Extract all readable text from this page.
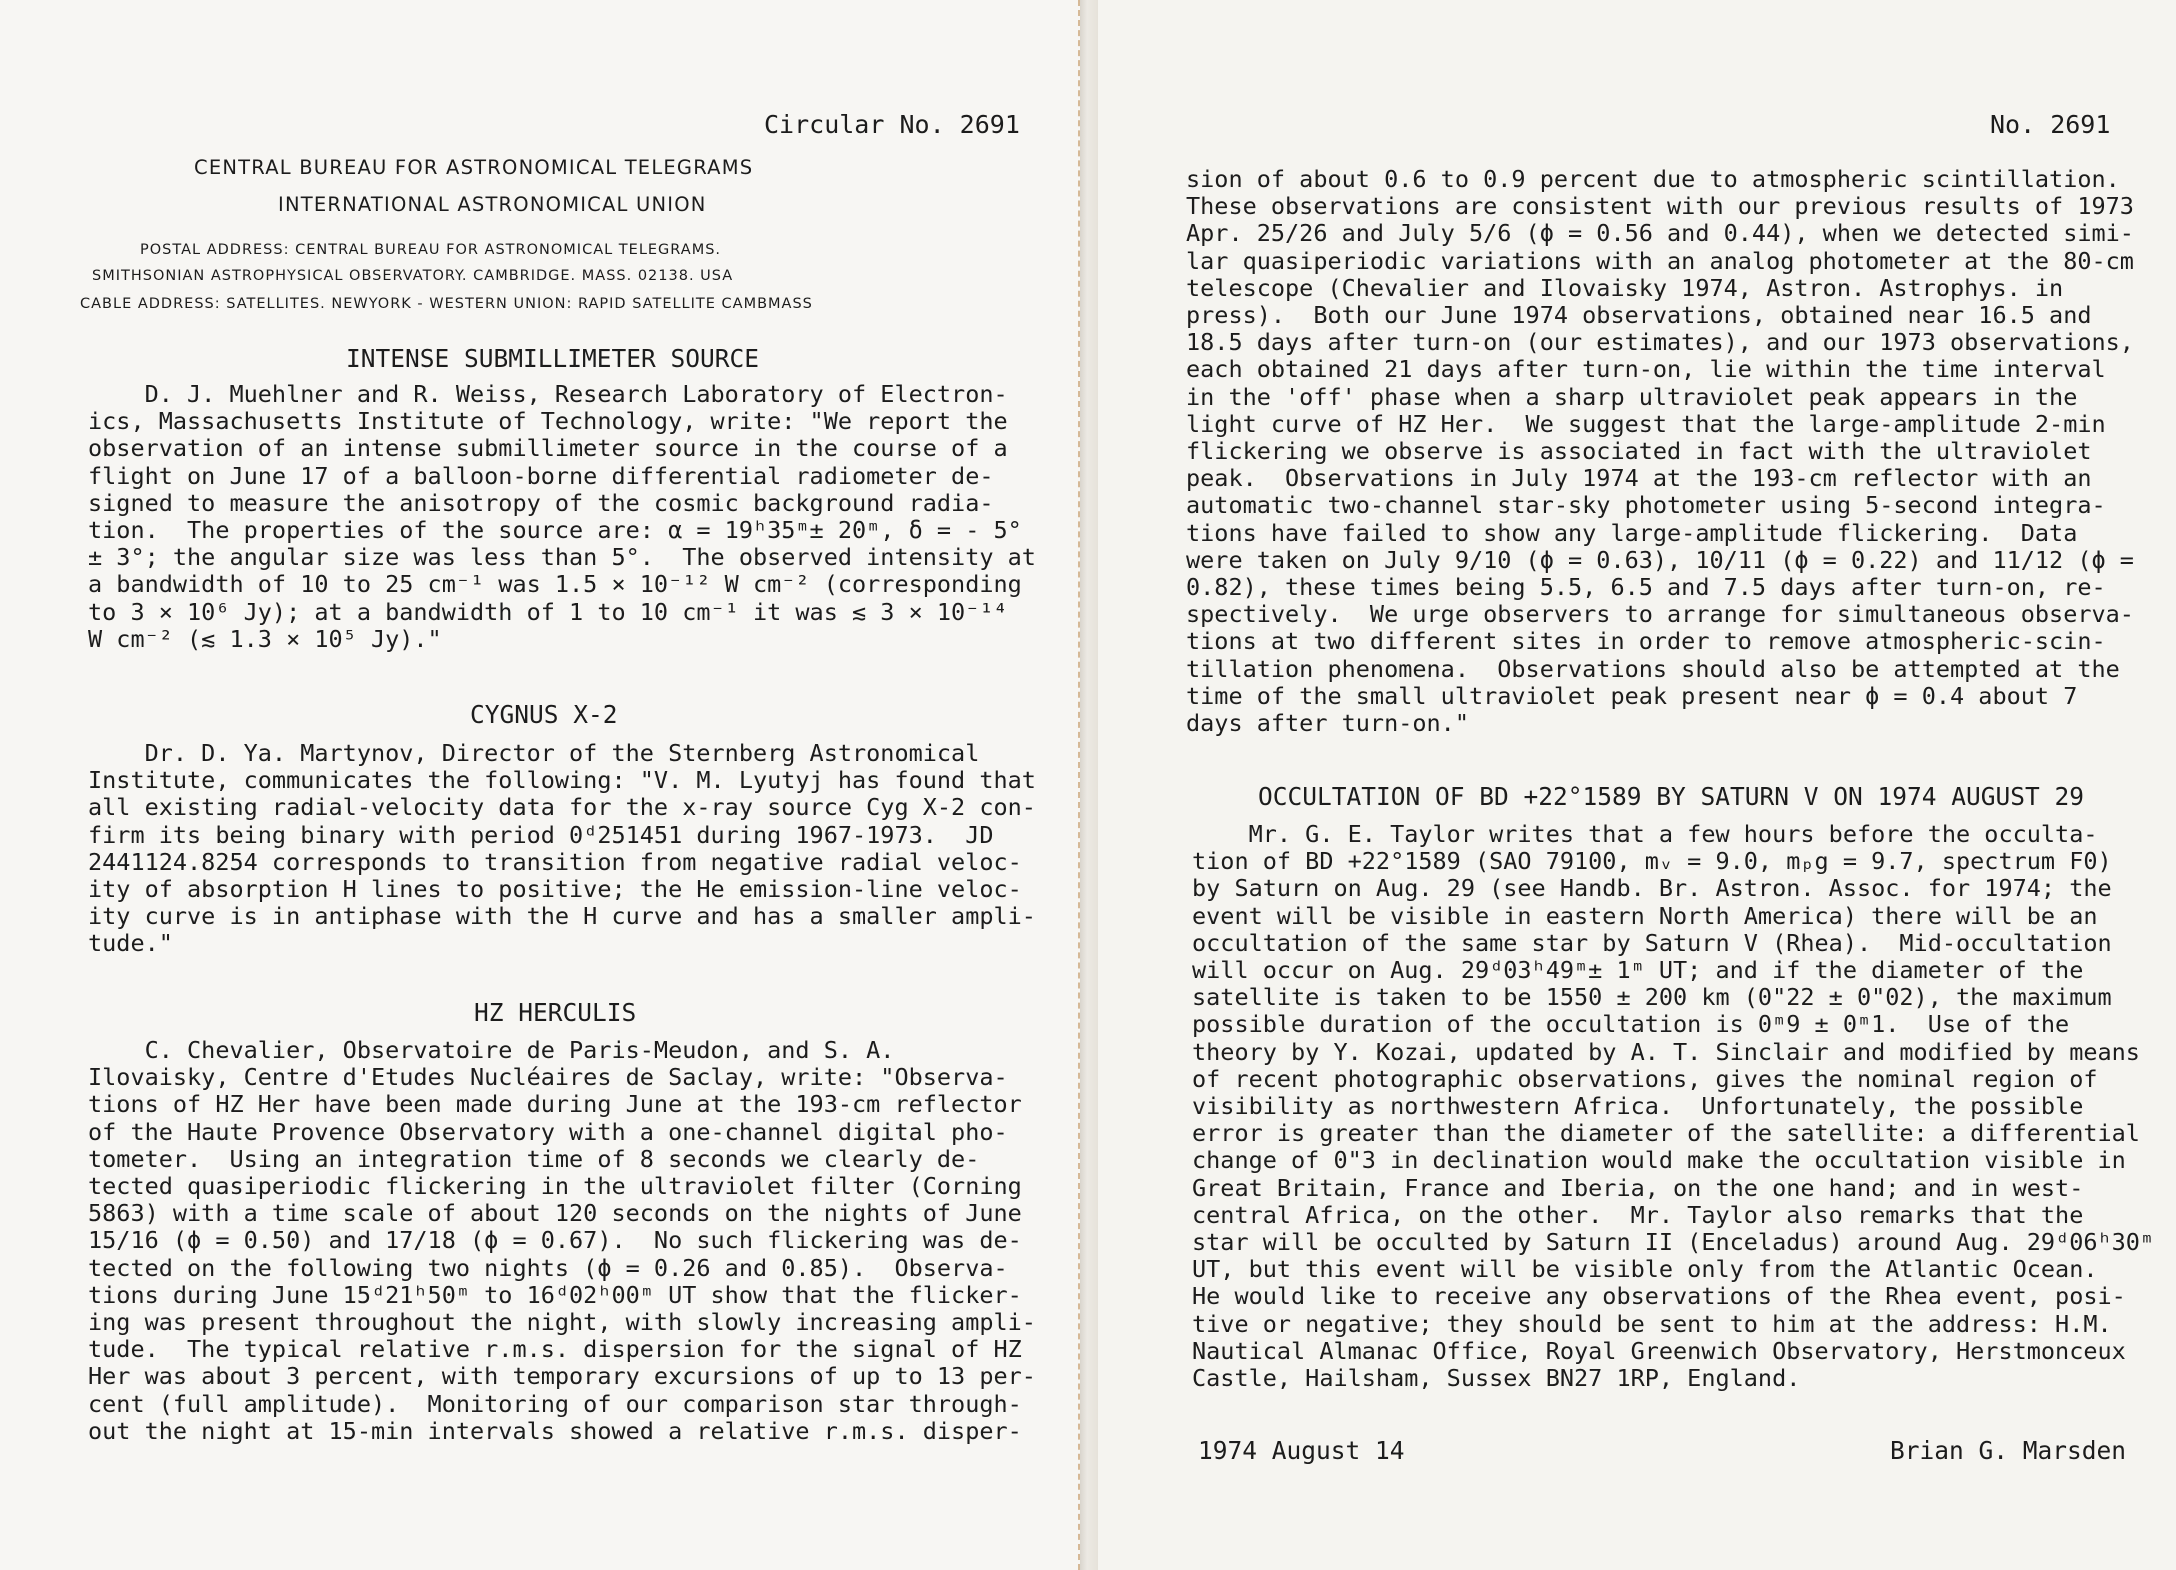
Circular No. 2691
CENTRAL BUREAU FOR ASTRONOMICAL TELEGRAMS
INTERNATIONAL ASTRONOMICAL UNION
POSTAL ADDRESS: CENTRAL BUREAU FOR ASTRONOMICAL TELEGRAMS.
SMITHSONIAN ASTROPHYSICAL OBSERVATORY. CAMBRIDGE. MASS. 02138. USA
CABLE ADDRESS: SATELLITES. NEWYORK - WESTERN UNION: RAPID SATELLITE CAMBMASS
INTENSE SUBMILLIMETER SOURCE
D. J. Muehlner and R. Weiss, Research Laboratory of Electron-
ics, Massachusetts Institute of Technology, write: "We report the
observation of an intense submillimeter source in the course of a
flight on June 17 of a balloon-borne differential radiometer de-
signed to measure the anisotropy of the cosmic background radia-
tion.  The properties of the source are: α = 19ʰ35ᵐ± 20ᵐ, δ = - 5°
± 3°; the angular size was less than 5°.  The observed intensity at
a bandwidth of 10 to 25 cm⁻¹ was 1.5 × 10⁻¹² W cm⁻² (corresponding
to 3 × 10⁶ Jy); at a bandwidth of 1 to 10 cm⁻¹ it was ≲ 3 × 10⁻¹⁴
W cm⁻² (≲ 1.3 × 10⁵ Jy)."
CYGNUS X-2
Dr. D. Ya. Martynov, Director of the Sternberg Astronomical
Institute, communicates the following: "V. M. Lyutyj has found that
all existing radial-velocity data for the x-ray source Cyg X-2 con-
firm its being binary with period 0ᵈ251451 during 1967-1973.  JD
2441124.8254 corresponds to transition from negative radial veloc-
ity of absorption H lines to positive; the He emission-line veloc-
ity curve is in antiphase with the H curve and has a smaller ampli-
tude."
HZ HERCULIS
C. Chevalier, Observatoire de Paris-Meudon, and S. A.
Ilovaisky, Centre d'Etudes Nucléaires de Saclay, write: "Observa-
tions of HZ Her have been made during June at the 193-cm reflector
of the Haute Provence Observatory with a one-channel digital pho-
tometer.  Using an integration time of 8 seconds we clearly de-
tected quasiperiodic flickering in the ultraviolet filter (Corning
5863) with a time scale of about 120 seconds on the nights of June
15/16 (ϕ = 0.50) and 17/18 (ϕ = 0.67).  No such flickering was de-
tected on the following two nights (ϕ = 0.26 and 0.85).  Observa-
tions during June 15ᵈ21ʰ50ᵐ to 16ᵈ02ʰ00ᵐ UT show that the flicker-
ing was present throughout the night, with slowly increasing ampli-
tude.  The typical relative r.m.s. dispersion for the signal of HZ
Her was about 3 percent, with temporary excursions of up to 13 per-
cent (full amplitude).  Monitoring of our comparison star through-
out the night at 15-min intervals showed a relative r.m.s. disper-
No. 2691
sion of about 0.6 to 0.9 percent due to atmospheric scintillation.
These observations are consistent with our previous results of 1973
Apr. 25/26 and July 5/6 (ϕ = 0.56 and 0.44), when we detected simi-
lar quasiperiodic variations with an analog photometer at the 80-cm
telescope (Chevalier and Ilovaisky 1974, Astron. Astrophys. in
press).  Both our June 1974 observations, obtained near 16.5 and
18.5 days after turn-on (our estimates), and our 1973 observations,
each obtained 21 days after turn-on, lie within the time interval
in the 'off' phase when a sharp ultraviolet peak appears in the
light curve of HZ Her.  We suggest that the large-amplitude 2-min
flickering we observe is associated in fact with the ultraviolet
peak.  Observations in July 1974 at the 193-cm reflector with an
automatic two-channel star-sky photometer using 5-second integra-
tions have failed to show any large-amplitude flickering.  Data
were taken on July 9/10 (ϕ = 0.63), 10/11 (ϕ = 0.22) and 11/12 (ϕ =
0.82), these times being 5.5, 6.5 and 7.5 days after turn-on, re-
spectively.  We urge observers to arrange for simultaneous observa-
tions at two different sites in order to remove atmospheric-scin-
tillation phenomena.  Observations should also be attempted at the
time of the small ultraviolet peak present near ϕ = 0.4 about 7
days after turn-on."
OCCULTATION OF BD +22°1589 BY SATURN V ON 1974 AUGUST 29
Mr. G. E. Taylor writes that a few hours before the occulta-
tion of BD +22°1589 (SAO 79100, mᵥ = 9.0, mₚg = 9.7, spectrum F0)
by Saturn on Aug. 29 (see Handb. Br. Astron. Assoc. for 1974; the
event will be visible in eastern North America) there will be an
occultation of the same star by Saturn V (Rhea).  Mid-occultation
will occur on Aug. 29ᵈ03ʰ49ᵐ± 1ᵐ UT; and if the diameter of the
satellite is taken to be 1550 ± 200 km (0"22 ± 0"02), the maximum
possible duration of the occultation is 0ᵐ9 ± 0ᵐ1.  Use of the
theory by Y. Kozai, updated by A. T. Sinclair and modified by means
of recent photographic observations, gives the nominal region of
visibility as northwestern Africa.  Unfortunately, the possible
error is greater than the diameter of the satellite: a differential
change of 0"3 in declination would make the occultation visible in
Great Britain, France and Iberia, on the one hand; and in west-
central Africa, on the other.  Mr. Taylor also remarks that the
star will be occulted by Saturn II (Enceladus) around Aug. 29ᵈ06ʰ30ᵐ
UT, but this event will be visible only from the Atlantic Ocean.
He would like to receive any observations of the Rhea event, posi-
tive or negative; they should be sent to him at the address: H.M.
Nautical Almanac Office, Royal Greenwich Observatory, Herstmonceux
Castle, Hailsham, Sussex BN27 1RP, England.
1974 August 14	Brian G. Marsden
